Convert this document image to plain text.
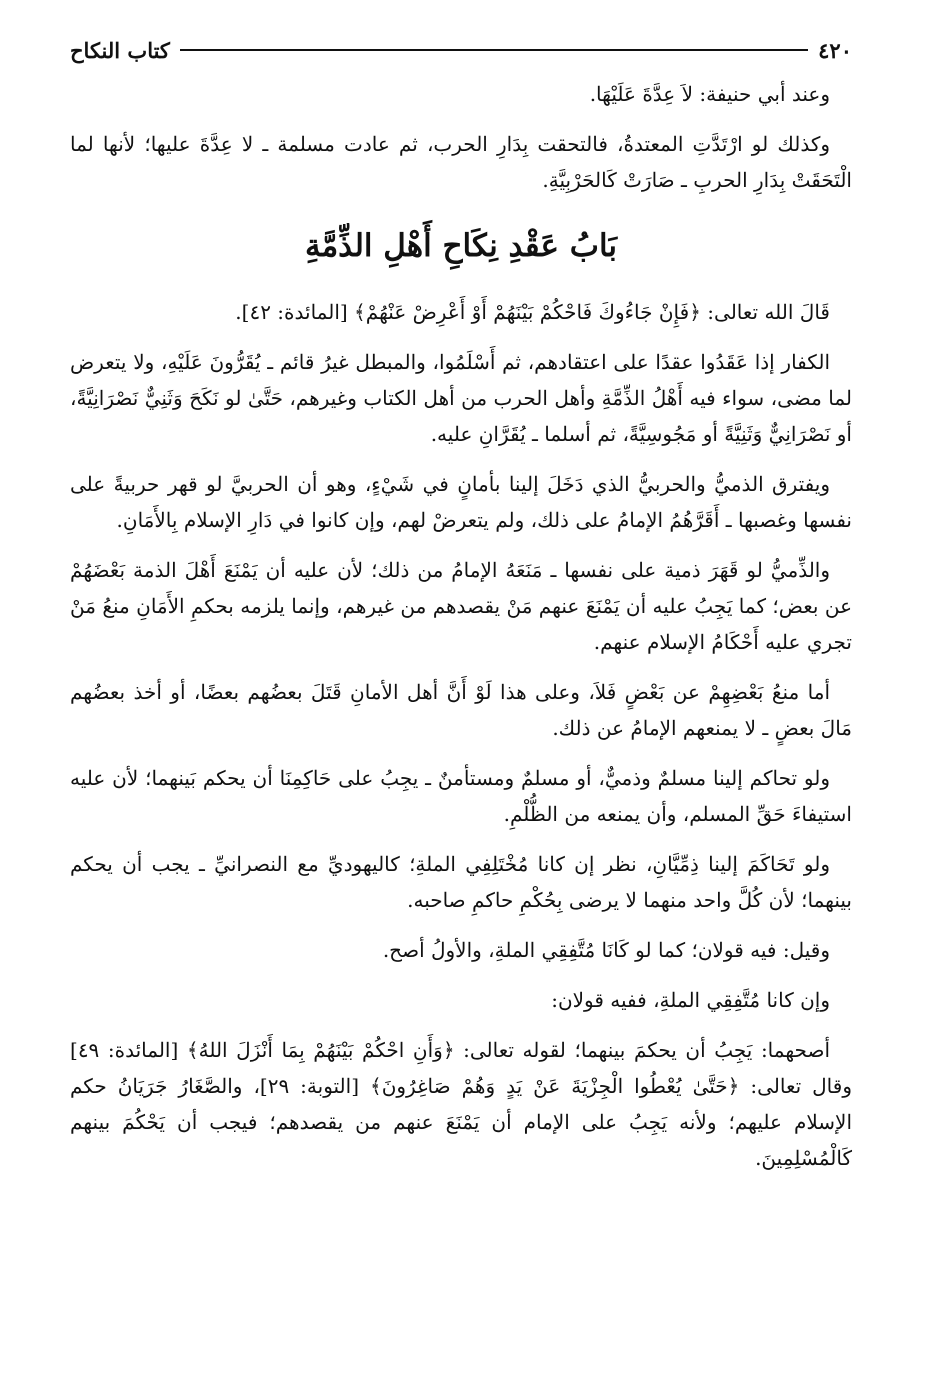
٤٢٠
كتاب النكاح

وعند أبي حنيفة: لاَ عِدَّةَ عَلَيْهَا.

وكذلك لو ارْتَدَّتِ المعتدةُ، فالتحقت بِدَارِ الحرب، ثم عادت مسلمة ـ لا عِدَّةَ عليها؛ لأنها لما الْتَحَقَتْ بِدَارِ الحربِ ـ صَارَتْ كَالحَرْبِيَّةِ.

بَابُ عَقْدِ نِكَاحِ أَهْلِ الذِّمَّةِ

قَالَ الله تعالى: ﴿فَإِنْ جَاءُوكَ فَاحْكُمْ بَيْنَهُمْ أَوْ أَعْرِضْ عَنْهُمْ﴾ [المائدة: ٤٢].

الكفار إذا عَقَدُوا عقدًا على اعتقادهم، ثم أَسْلَمُوا، والمبطل غيرُ قائم ـ يُقَرُّونَ عَلَيْهِ، ولا يتعرض لما مضى، سواء فيه أَهْلُ الذِّمَّةِ وأهل الحرب من أهل الكتاب وغيرهم، حَتَّىٰ لو نَكَحَ وَثَنِيٌّ نَصْرَانِيَّةً، أو نَصْرَانِيٌّ وَثَنِيَّةً أو مَجُوسِيَّةً، ثم أسلما ـ يُقَرَّانِ عليه.

ويفترق الذميُّ والحربيُّ الذي دَخَلَ إلينا بأمانٍ في شَيْءٍ، وهو أن الحربيَّ لو قهر حربيةً على نفسها وغصبها ـ أَقَرَّهُمُ الإمامُ على ذلك، ولم يتعرضْ لهم، وإن كانوا في دَارِ الإسلام بِالأَمَانِ.

والذِّميُّ لو قَهَرَ ذمية على نفسها ـ مَنَعَهُ الإمامُ من ذلك؛ لأن عليه أن يَمْنَعَ أَهْلَ الذمة بَعْضَهُمْ عن بعض؛ كما يَجِبُ عليه أن يَمْنَعَ عنهم مَنْ يقصدهم من غيرهم، وإنما يلزمه بحكمِ الأَمَانِ منعُ مَنْ تجري عليه أَحْكَامُ الإسلام عنهم.

أما منعُ بَعْضِهِمْ عن بَعْضٍ فَلاَ، وعلى هذا لَوْ أَنَّ أهل الأمانِ قَتَلَ بعضُهم بعضًا، أو أخذ بعضُهم مَالَ بعضٍ ـ لا يمنعهم الإمامُ عن ذلك.

ولو تحاكم إلينا مسلمٌ وذميٌّ، أو مسلمٌ ومستأمنٌ ـ يجِبُ على حَاكِمِنَا أن يحكم بَينهما؛ لأن عليه استيفاءَ حَقِّ المسلم، وأن يمنعه من الظُّلْمِ.

ولو تَحَاكَمَ إلينا ذِمِّيَّانِ، نظر إن كانا مُخْتَلِفِي الملةِ؛ كاليهوديِّ مع النصرانيِّ ـ يجب أن يحكم بينهما؛ لأن كُلَّ واحد منهما لا يرضى بِحُكْمِ حاكمِ صاحبه.

وقيل: فيه قولان؛ كما لو كَانَا مُتَّفِقِي الملةِ، والأولُ أصح.

وإن كانا مُتَّفِقِي الملةِ، ففيه قولان:

أصحهما: يَجِبُ أن يحكمَ بينهما؛ لقوله تعالى: ﴿وَأَنِ احْكُمْ بَيْنَهُمْ بِمَا أَنْزَلَ اللهُ﴾ [المائدة: ٤٩] وقال تعالى: ﴿حَتَّىٰ يُعْطُوا الْجِزْيَةَ عَنْ يَدٍ وَهُمْ صَاغِرُونَ﴾ [التوبة: ٢٩]، والصَّغَارُ جَرَيَانُ حكم الإسلام عليهم؛ ولأنه يَجِبُ على الإمام أن يَمْنَعَ عنهم من يقصدهم؛ فيجب أن يَحْكُمَ بينهم كَالْمُسْلِمِينَ.
